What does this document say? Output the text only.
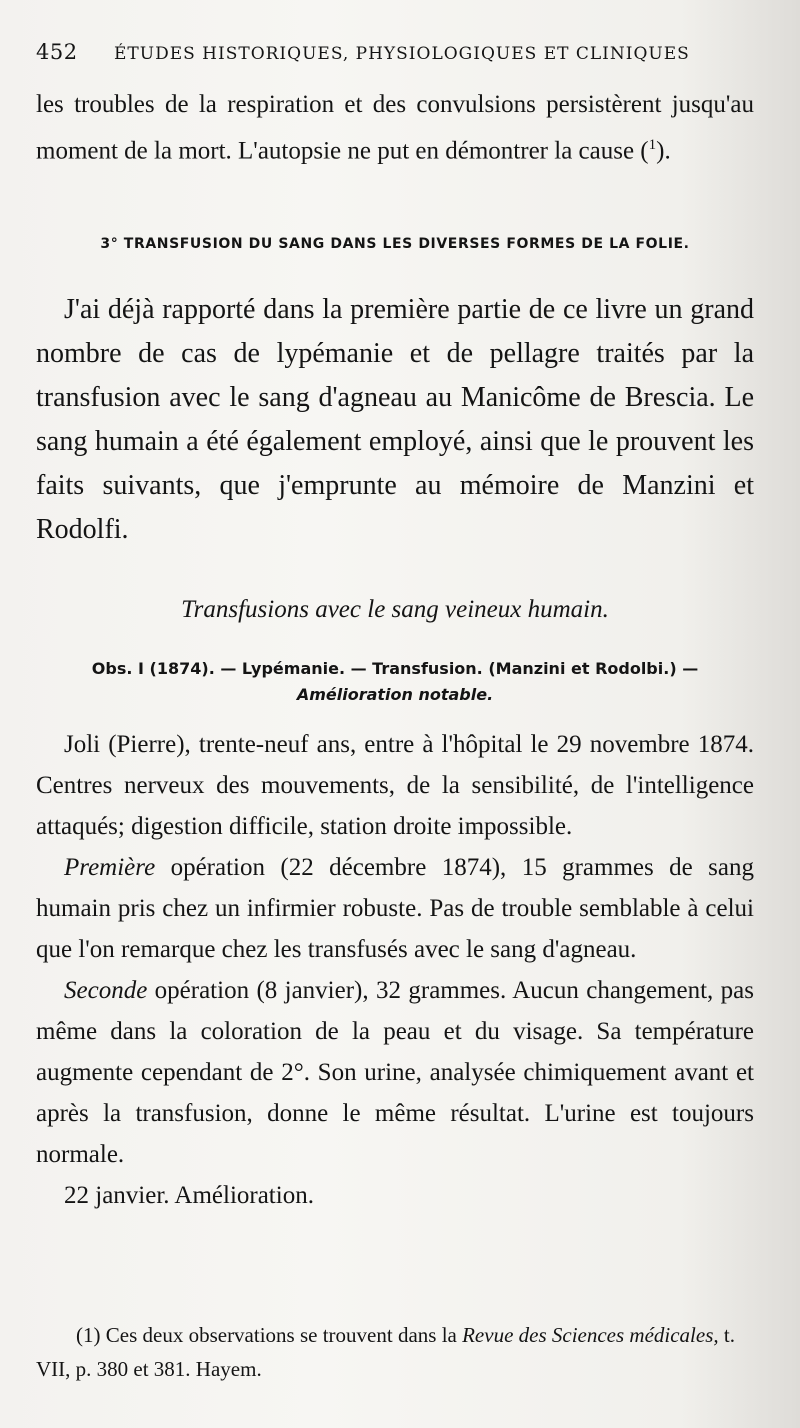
452	ÉTUDES HISTORIQUES, PHYSIOLOGIQUES ET CLINIQUES

les troubles de la respiration et des convulsions persistèrent jusqu'au moment de la mort. L'autopsie ne put en démontrer la cause ($^1$).

3° TRANSFUSION DU SANG DANS LES DIVERSES FORMES DE LA FOLIE.

J'ai déjà rapporté dans la première partie de ce livre un grand nombre de cas de lypémanie et de pellagre traités par la transfusion avec le sang d'agneau au Manicôme de Brescia. Le sang humain a été également employé, ainsi que le prouvent les faits suivants, que j'emprunte au mémoire de Manzini et Rodolfi.

Transfusions avec le sang veineux humain.
Obs. I (1874). — Lypémanie. — Transfusion. (Manzini et Rodolbi.) —
Amélioration notable.

Joli (Pierre), trente-neuf ans, entre à l'hôpital le 29 novembre 1874. Centres nerveux des mouvements, de la sensibilité, de l'intelligence attaqués; digestion difficile, station droite impossible.

Première opération (22 décembre 1874), 15 grammes de sang humain pris chez un infirmier robuste. Pas de trouble semblable à celui que l'on remarque chez les transfusés avec le sang d'agneau.

Seconde opération (8 janvier), 32 grammes. Aucun changement, pas même dans la coloration de la peau et du visage. Sa température augmente cependant de 2°. Son urine, analysée chimiquement avant et après la transfusion, donne le même résultat. L'urine est toujours normale.

22 janvier. Amélioration.

(1) Ces deux observations se trouvent dans la Revue des Sciences médicales, t. VII, p. 380 et 381. Hayem.
